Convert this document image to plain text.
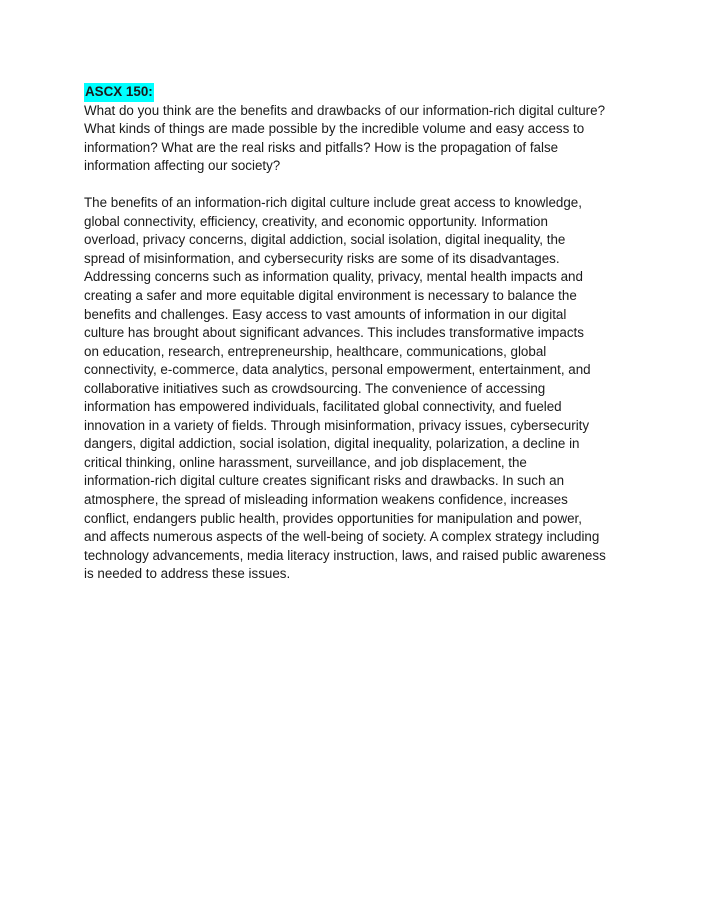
ASCX 150:
What do you think are the benefits and drawbacks of our information-rich digital culture?
What kinds of things are made possible by the incredible volume and easy access to
information? What are the real risks and pitfalls? How is the propagation of false
information affecting our society?
The benefits of an information-rich digital culture include great access to knowledge,
global connectivity, efficiency, creativity, and economic opportunity. Information
overload, privacy concerns, digital addiction, social isolation, digital inequality, the
spread of misinformation, and cybersecurity risks are some of its disadvantages.
Addressing concerns such as information quality, privacy, mental health impacts and
creating a safer and more equitable digital environment is necessary to balance the
benefits and challenges. Easy access to vast amounts of information in our digital
culture has brought about significant advances. This includes transformative impacts
on education, research, entrepreneurship, healthcare, communications, global
connectivity, e-commerce, data analytics, personal empowerment, entertainment, and
collaborative initiatives such as crowdsourcing. The convenience of accessing
information has empowered individuals, facilitated global connectivity, and fueled
innovation in a variety of fields. Through misinformation, privacy issues, cybersecurity
dangers, digital addiction, social isolation, digital inequality, polarization, a decline in
critical thinking, online harassment, surveillance, and job displacement, the
information-rich digital culture creates significant risks and drawbacks. In such an
atmosphere, the spread of misleading information weakens confidence, increases
conflict, endangers public health, provides opportunities for manipulation and power,
and affects numerous aspects of the well-being of society. A complex strategy including
technology advancements, media literacy instruction, laws, and raised public awareness
is needed to address these issues.
